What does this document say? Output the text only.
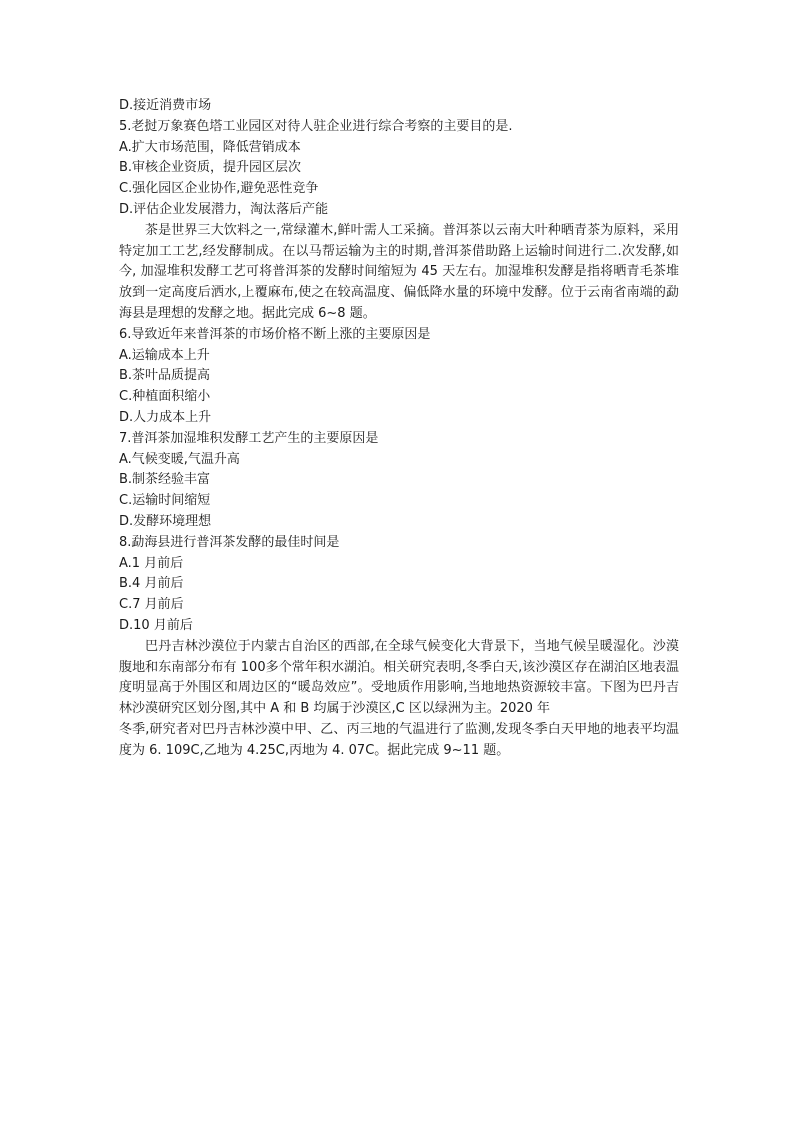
D.接近消费市场
5.老挝万象赛色塔工业园区对待人驻企业进行综合考察的主要目的是.
A.扩大市场范围，降低营销成本
B.审核企业资质，提升园区层次
C.强化园区企业协作,避免恶性竞争
D.评估企业发展潜力，淘汰落后产能
茶是世界三大饮料之一,常绿灌木,鲜叶需人工采摘。普洱茶以云南大叶种晒青茶为原料，采用特定加工工艺,经发酵制成。在以马帮运输为主的时期,普洱茶借助路上运输时间进行二.次发酵,如今, 加湿堆积发酵工艺可将普洱茶的发酵时间缩短为 45 天左右。加湿堆积发酵是指将晒青毛茶堆放到一定高度后洒水,上覆麻布,使之在较高温度、偏低降水量的环境中发酵。位于云南省南端的勐海县是理想的发酵之地。据此完成 6~8 题。
6.导致近年来普洱茶的市场价格不断上涨的主要原因是
A.运输成本上升
B.茶叶品质提高
C.种植面积缩小
D.人力成本上升
7.普洱茶加湿堆积发酵工艺产生的主要原因是
A.气候变暖,气温升高
B.制茶经验丰富
C.运输时间缩短
D.发酵环境理想
8.勐海县进行普洱茶发酵的最佳时间是
A.1 月前后
B.4 月前后
C.7 月前后
D.10 月前后
巴丹吉林沙漠位于内蒙古自治区的西部,在全球气候变化大背景下，当地气候呈暖湿化。沙漠腹地和东南部分布有 100多个常年积水湖泊。相关研究表明,冬季白天,该沙漠区存在湖泊区地表温度明显高于外围区和周边区的“暖岛效应”。受地质作用影响,当地地热资源较丰富。下图为巴丹吉林沙漠研究区划分图,其中 A 和 B 均属于沙漠区,C 区以绿洲为主。2020 年
冬季,研究者对巴丹吉林沙漠中甲、乙、丙三地的气温进行了监测,发现冬季白天甲地的地表平均温度为 6. 109C,乙地为 4.25C,丙地为 4. 07C。据此完成 9~11 题。
